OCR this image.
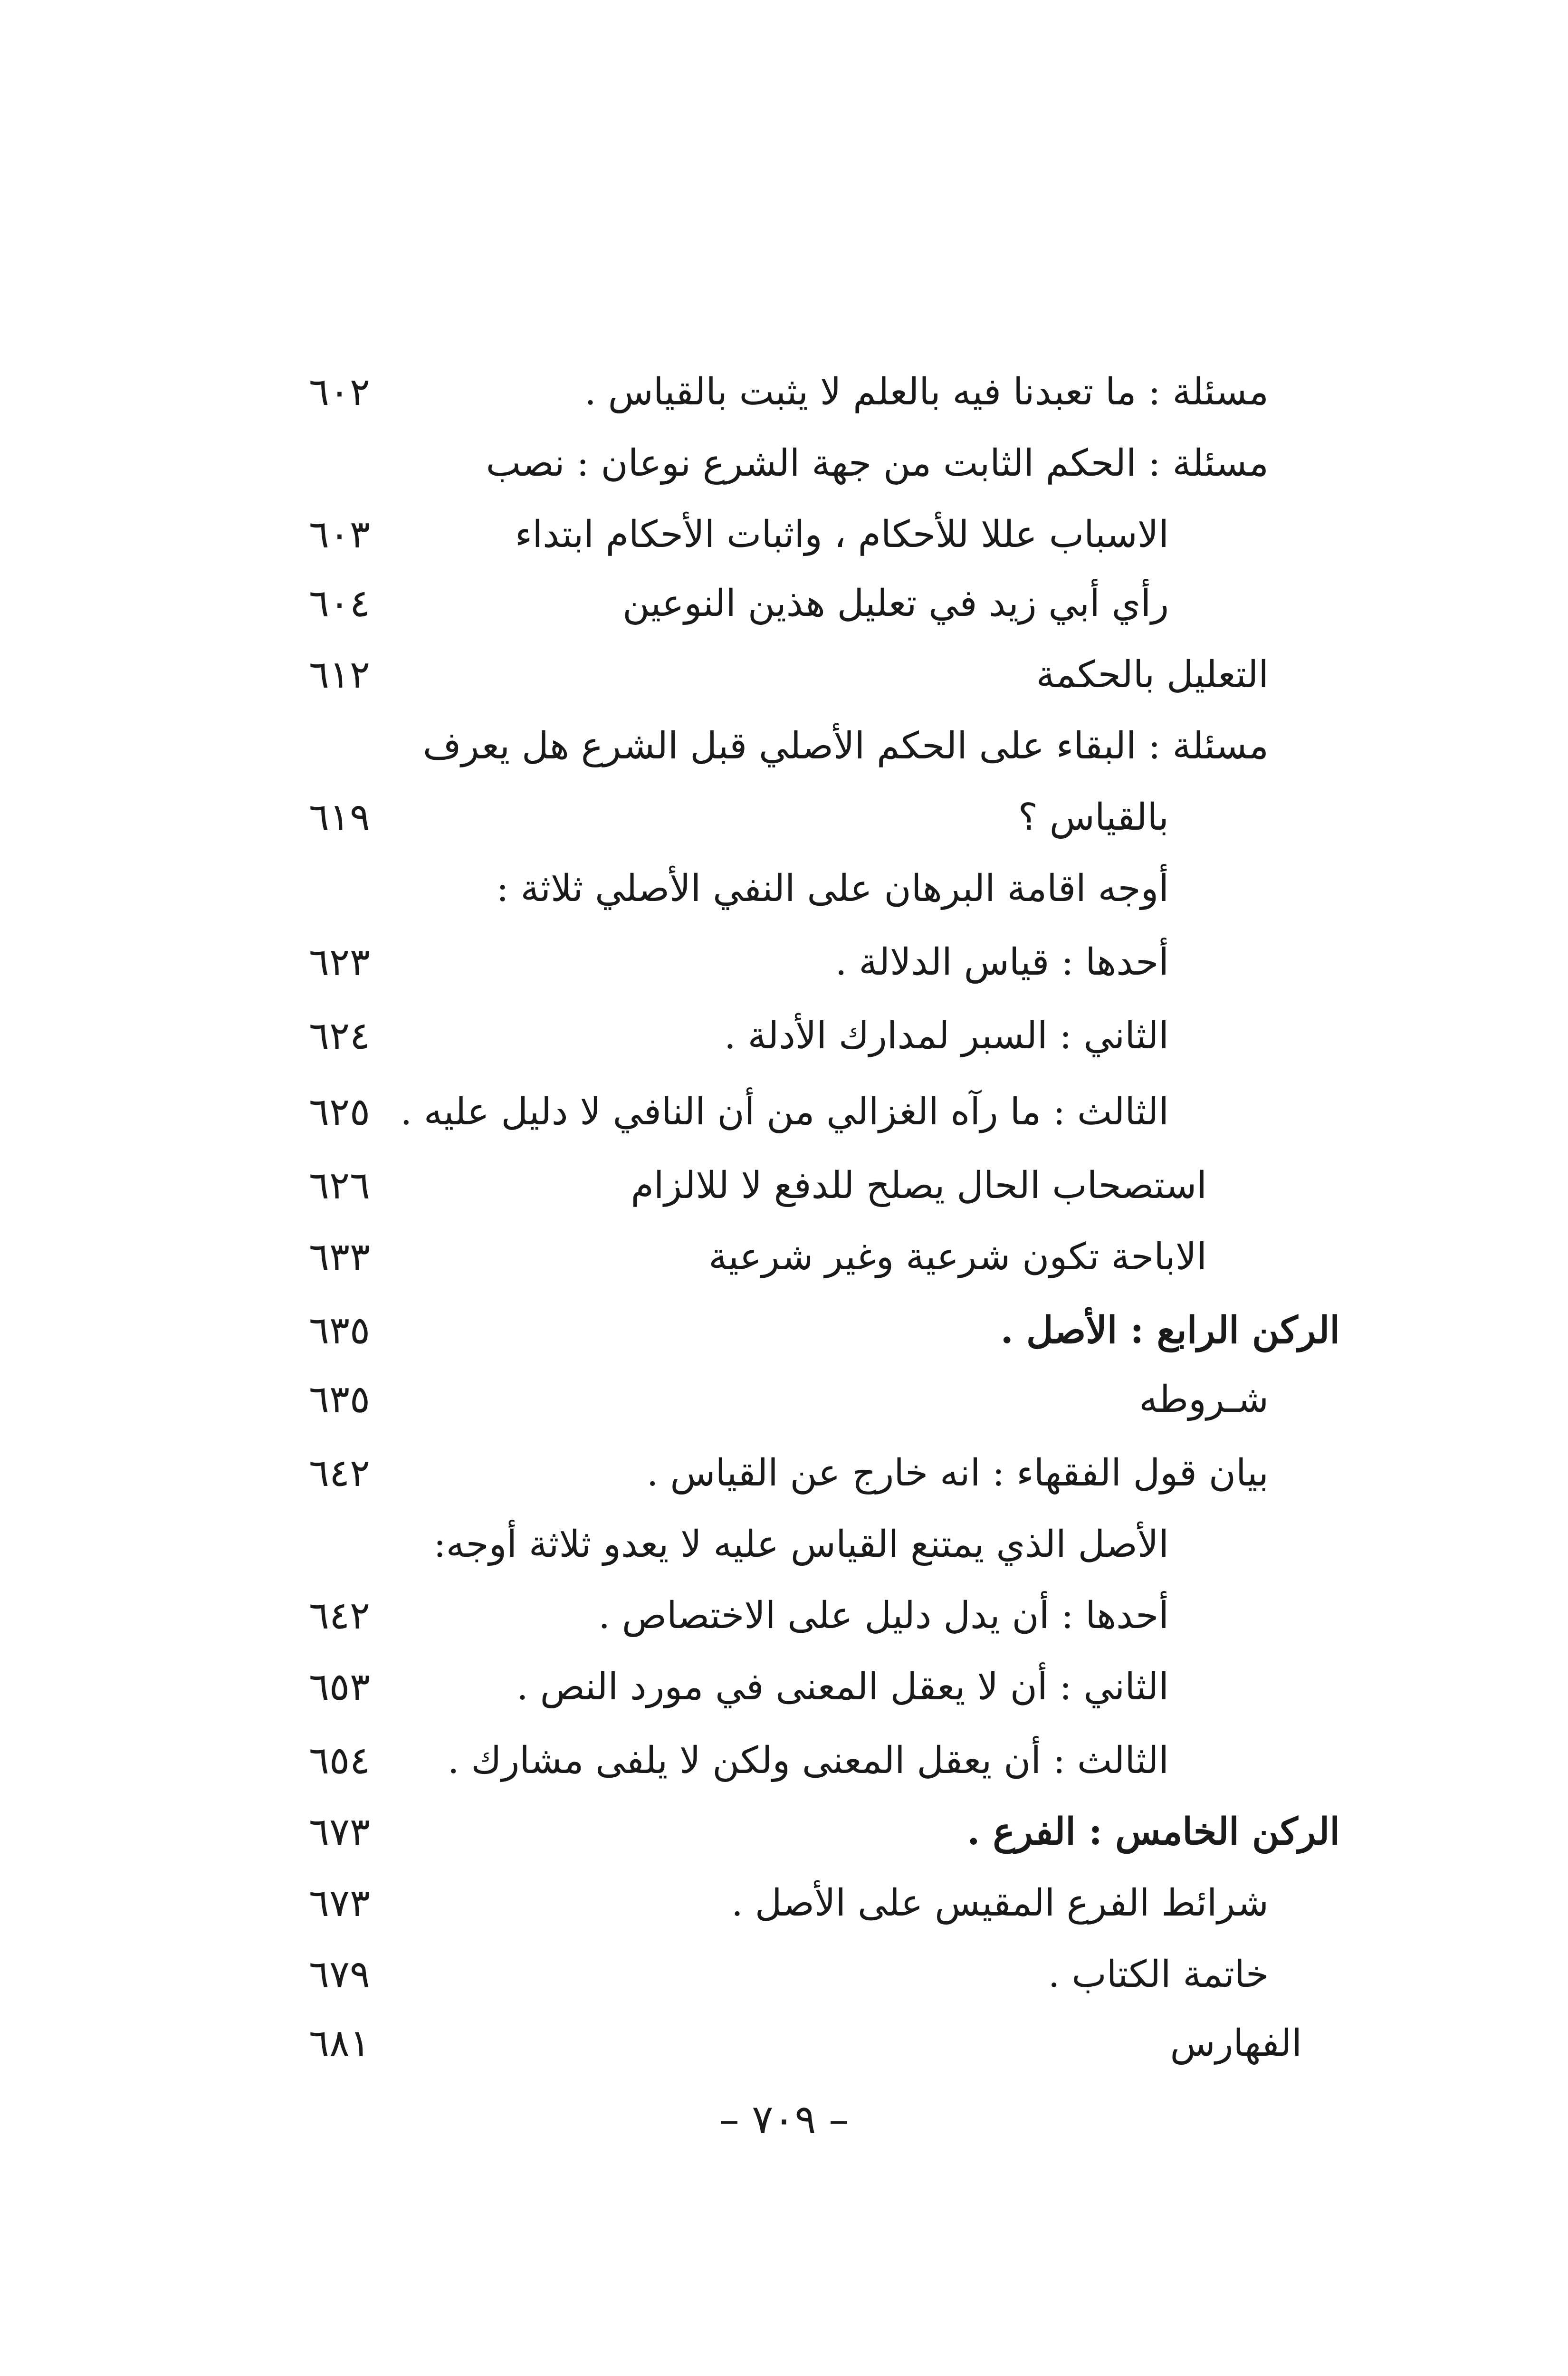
مسئلة : ما تعبدنا فيه بالعلم لا يثبت بالقياس .
٦٠٢
مسئلة : الحكم الثابت من جهة الشرع نوعان : نصب
الاسباب عللا للأحكام ، واثبات الأحكام ابتداء
٦٠٣
رأي أبي زيد في تعليل هذين النوعين
٦٠٤
التعليل بالحكمة
٦١٢
مسئلة : البقاء على الحكم الأصلي قبل الشرع هل يعرف
بالقياس ؟
٦١٩
أوجه اقامة البرهان على النفي الأصلي ثلاثة :
أحدها : قياس الدلالة .
٦٢٣
الثاني : السبر لمدارك الأدلة .
٦٢٤
الثالث : ما رآه الغزالي من أن النافي لا دليل عليه .
٦٢٥
استصحاب الحال يصلح للدفع لا للالزام
٦٢٦
الاباحة تكون شرعية وغير شرعية
٦٣٣
الركن الرابع : الأصل .
٦٣٥
شـروطه
٦٣٥
بيان قول الفقهاء : انه خارج عن القياس .
٦٤٢
الأصل الذي يمتنع القياس عليه لا يعدو ثلاثة أوجه:
أحدها : أن يدل دليل على الاختصاص .
٦٤٢
الثاني : أن لا يعقل المعنى في مورد النص .
٦٥٣
الثالث : أن يعقل المعنى ولكن لا يلفى مشارك .
٦٥٤
الركن الخامس : الفرع .
٦٧٣
شرائط الفرع المقيس على الأصل .
٦٧٣
خاتمة الكتاب .
٦٧٩
الفهارس
٦٨١
– ٧٠٩ –
